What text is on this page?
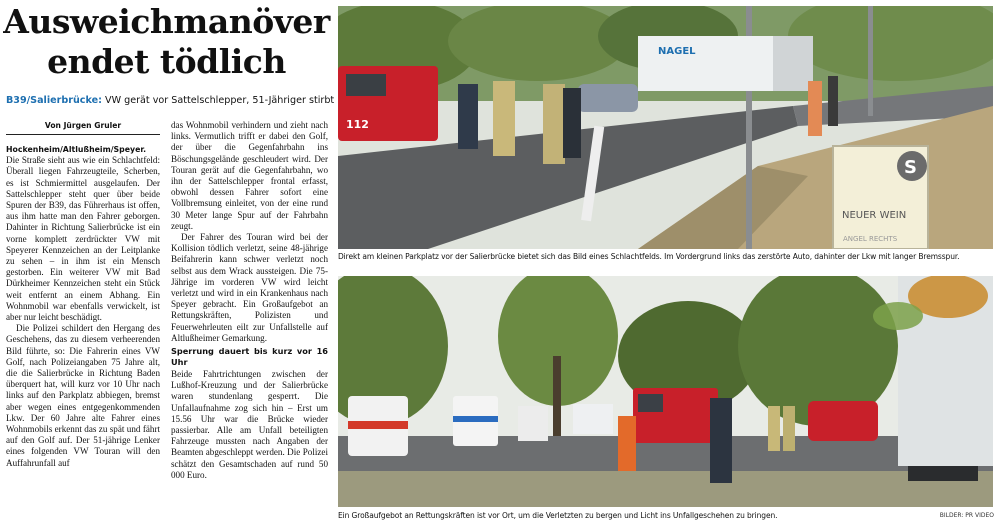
Ausweichmanöver
endet tödlich
B39/Salierbrücke: VW gerät vor Sattelschlepper, 51-Jähriger stirbt
Von Jürgen Gruler

Hockenheim/Altlußheim/Speyer. Die Straße sieht aus wie ein Schlachtfeld: Überall liegen Fahrzeugteile, Scherben, es ist Schmiermittel ausgelaufen. Der Sattelschlepper steht quer über beide Spuren der B39, das Führerhaus ist offen, aus ihm hatte man den Fahrer geborgen. Dahinter in Richtung Salierbrücke ist ein vorne komplett zerdrückter VW mit Speyerer Kennzeichen an der Leitplanke zu sehen – in ihm ist ein Mensch gestorben. Ein weiterer VW mit Bad Dürkheimer Kennzeichen steht ein Stück weit entfernt an einem Abhang. Ein Wohnmobil war ebenfalls verwickelt, ist aber nur leicht beschädigt.

Die Polizei schildert den Hergang des Geschehens, das zu diesem verheerenden Bild führte, so: Die Fahrerin eines VW Golf, nach Polizeiangaben 75 Jahre alt, die die Salierbrücke in Richtung Baden überquert hat, will kurz vor 10 Uhr nach links auf den Parkplatz abbiegen, bremst aber wegen eines entgegenkommenden Lkw. Der 60 Jahre alte Fahrer eines Wohnmobils erkennt das zu spät und fährt auf den Golf auf. Der 51-jährige Lenker eines folgenden VW Touran will den Auffahrunfall auf

das Wohnmobil verhindern und zieht nach links. Vermutlich trifft er dabei den Golf, der über die Gegenfahrbahn ins Böschungsgelände geschleudert wird. Der Touran gerät auf die Gegenfahrbahn, wo ihn der Sattelschlepper frontal erfasst, obwohl dessen Fahrer sofort eine Vollbremsung einleitet, von der eine rund 30 Meter lange Spur auf der Fahrbahn zeugt.

Der Fahrer des Touran wird bei der Kollision tödlich verletzt, seine 48-jährige Beifahrerin kann schwer verletzt noch selbst aus dem Wrack aussteigen. Die 75-Jährige im vorderen VW wird leicht verletzt und wird in ein Krankenhaus nach Speyer gebracht. Ein Großaufgebot an Rettungskräften, Polizisten und Feuerwehrleuten eilt zur Unfallstelle auf Altlußheimer Gemarkung.

Sperrung dauert bis kurz vor 16 Uhr

Beide Fahrtrichtungen zwischen der Lußhof-Kreuzung und der Salierbrücke waren stundenlang gesperrt. Die Unfallaufnahme zog sich hin – Erst um 15.56 Uhr war die Brücke wieder passierbar. Alle am Unfall beteiligten Fahrzeuge mussten nach Angaben der Beamten abgeschleppt werden. Die Polizei schätzt den Gesamtschaden auf rund 50 000 Euro.

NAGEL
112
S
NEUER WEIN
ANGEL RECHTS
Direkt am kleinen Parkplatz vor der Salierbrücke bietet sich das Bild eines Schlachtfelds. Im Vordergrund links das zerstörte Auto, dahinter der Lkw mit langer Bremsspur.
Ein Großaufgebot an Rettungskräften ist vor Ort, um die Verletzten zu bergen und Licht ins Unfallgeschehen zu bringen.	BILDER: PR VIDEO
